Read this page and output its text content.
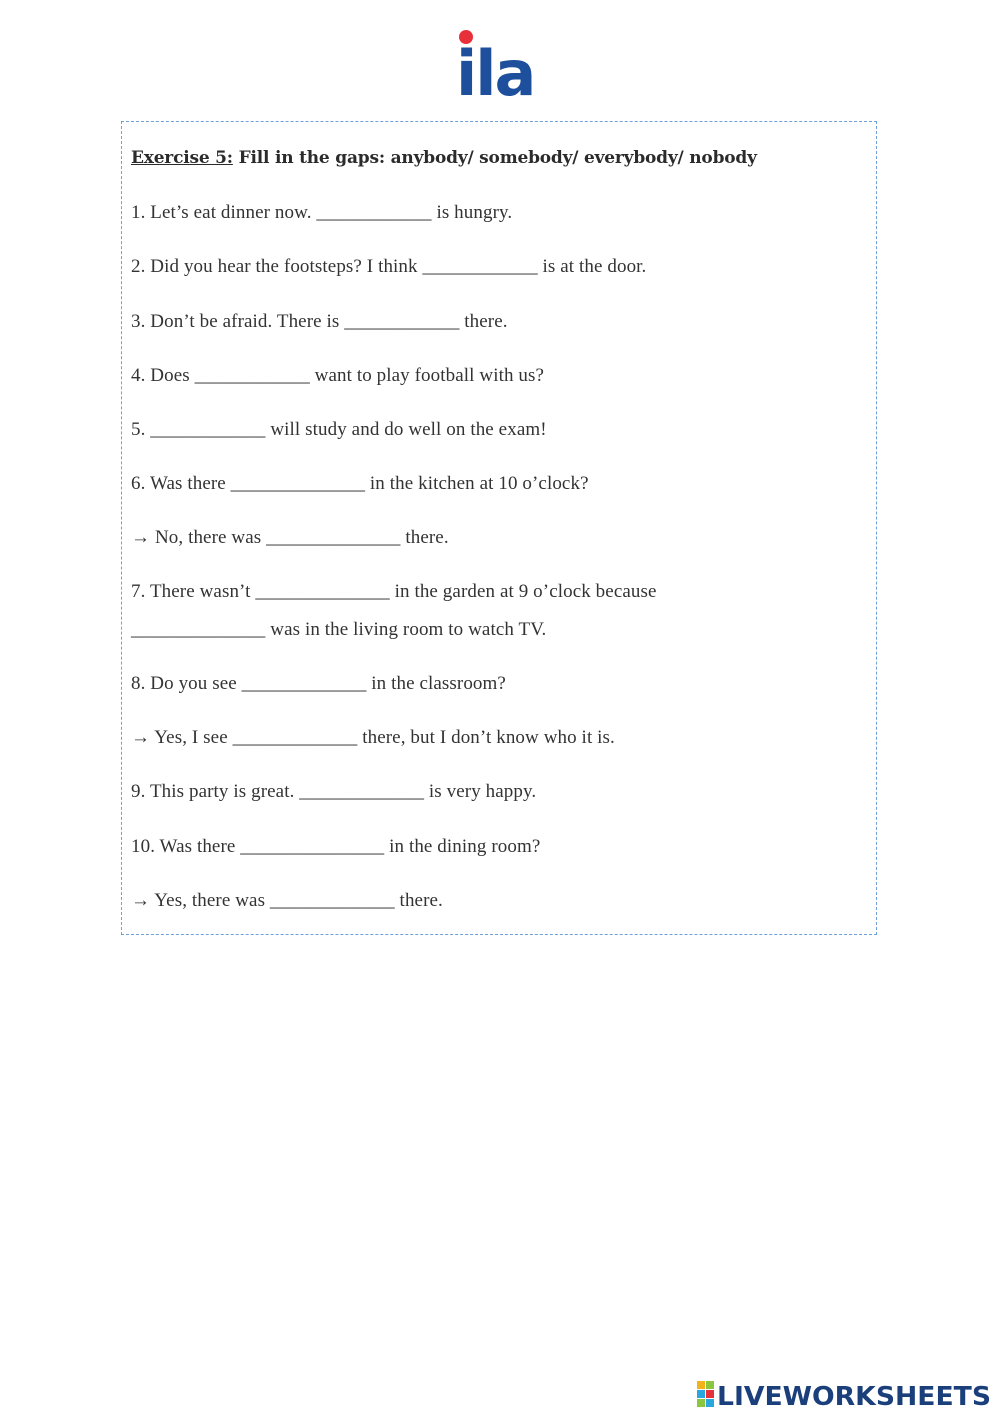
ila
Exercise 5: Fill in the gaps: anybody/ somebody/ everybody/ nobody
1. Let’s eat dinner now. ____________ is hungry.
2. Did you hear the footsteps? I think ____________ is at the door.
3. Don’t be afraid. There is ____________ there.
4. Does ____________ want to play football with us?
5. ____________ will study and do well on the exam!
6. Was there ______________ in the kitchen at 10 o’clock?
→ No, there was ______________ there.
7. There wasn’t ______________ in the garden at 9 o’clock because
______________ was in the living room to watch TV.
8. Do you see _____________ in the classroom?
→ Yes, I see _____________ there, but I don’t know who it is.
9. This party is great. _____________ is very happy.
10. Was there _______________ in the dining room?
→ Yes, there was _____________ there.
LIVEWORKSHEETS
